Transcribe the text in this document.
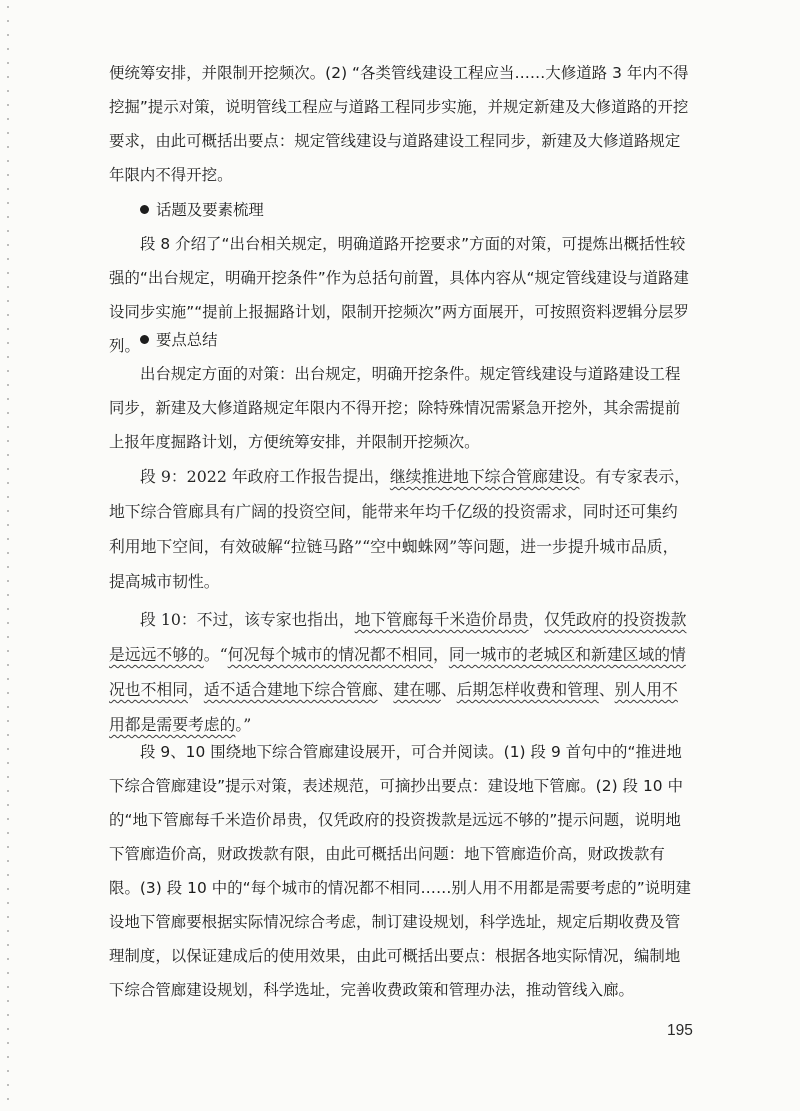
便统筹安排，并限制开挖频次。(2) “各类管线建设工程应当……大修道路 3 年内不得挖掘”提示对策，说明管线工程应与道路工程同步实施，并规定新建及大修道路的开挖要求，由此可概括出要点：规定管线建设与道路建设工程同步，新建及大修道路规定年限内不得开挖。

话题及要素梳理

段 8 介绍了“出台相关规定，明确道路开挖要求”方面的对策，可提炼出概括性较强的“出台规定，明确开挖条件”作为总括句前置，具体内容从“规定管线建设与道路建设同步实施”“提前上报掘路计划，限制开挖频次”两方面展开，可按照资料逻辑分层罗列。	要点总结

出台规定方面的对策：出台规定，明确开挖条件。规定管线建设与道路建设工程同步，新建及大修道路规定年限内不得开挖；除特殊情况需紧急开挖外，其余需提前上报年度掘路计划，方便统筹安排，并限制开挖频次。

段 9：2022 年政府工作报告提出，继续推进地下综合管廊建设。有专家表示，地下综合管廊具有广阔的投资空间，能带来年均千亿级的投资需求，同时还可集约利用地下空间，有效破解“拉链马路”“空中蜘蛛网”等问题，进一步提升城市品质，提高城市韧性。

段 10：不过，该专家也指出，地下管廊每千米造价昂贵，仅凭政府的投资拨款是远远不够的。“何况每个城市的情况都不相同，同一城市的老城区和新建区域的情况也不相同，适不适合建地下综合管廊、建在哪、后期怎样收费和管理、别人用不用都是需要考虑的。”

段 9、10 围绕地下综合管廊建设展开，可合并阅读。(1) 段 9 首句中的“推进地下综合管廊建设”提示对策，表述规范，可摘抄出要点：建设地下管廊。(2) 段 10 中的“地下管廊每千米造价昂贵，仅凭政府的投资拨款是远远不够的”提示问题，说明地下管廊造价高，财政拨款有限，由此可概括出问题：地下管廊造价高，财政拨款有限。(3) 段 10 中的“每个城市的情况都不相同……别人用不用都是需要考虑的”说明建设地下管廊要根据实际情况综合考虑，制订建设规划，科学选址，规定后期收费及管理制度，以保证建成后的使用效果，由此可概括出要点：根据各地实际情况，编制地下综合管廊建设规划，科学选址，完善收费政策和管理办法，推动管线入廊。

195
